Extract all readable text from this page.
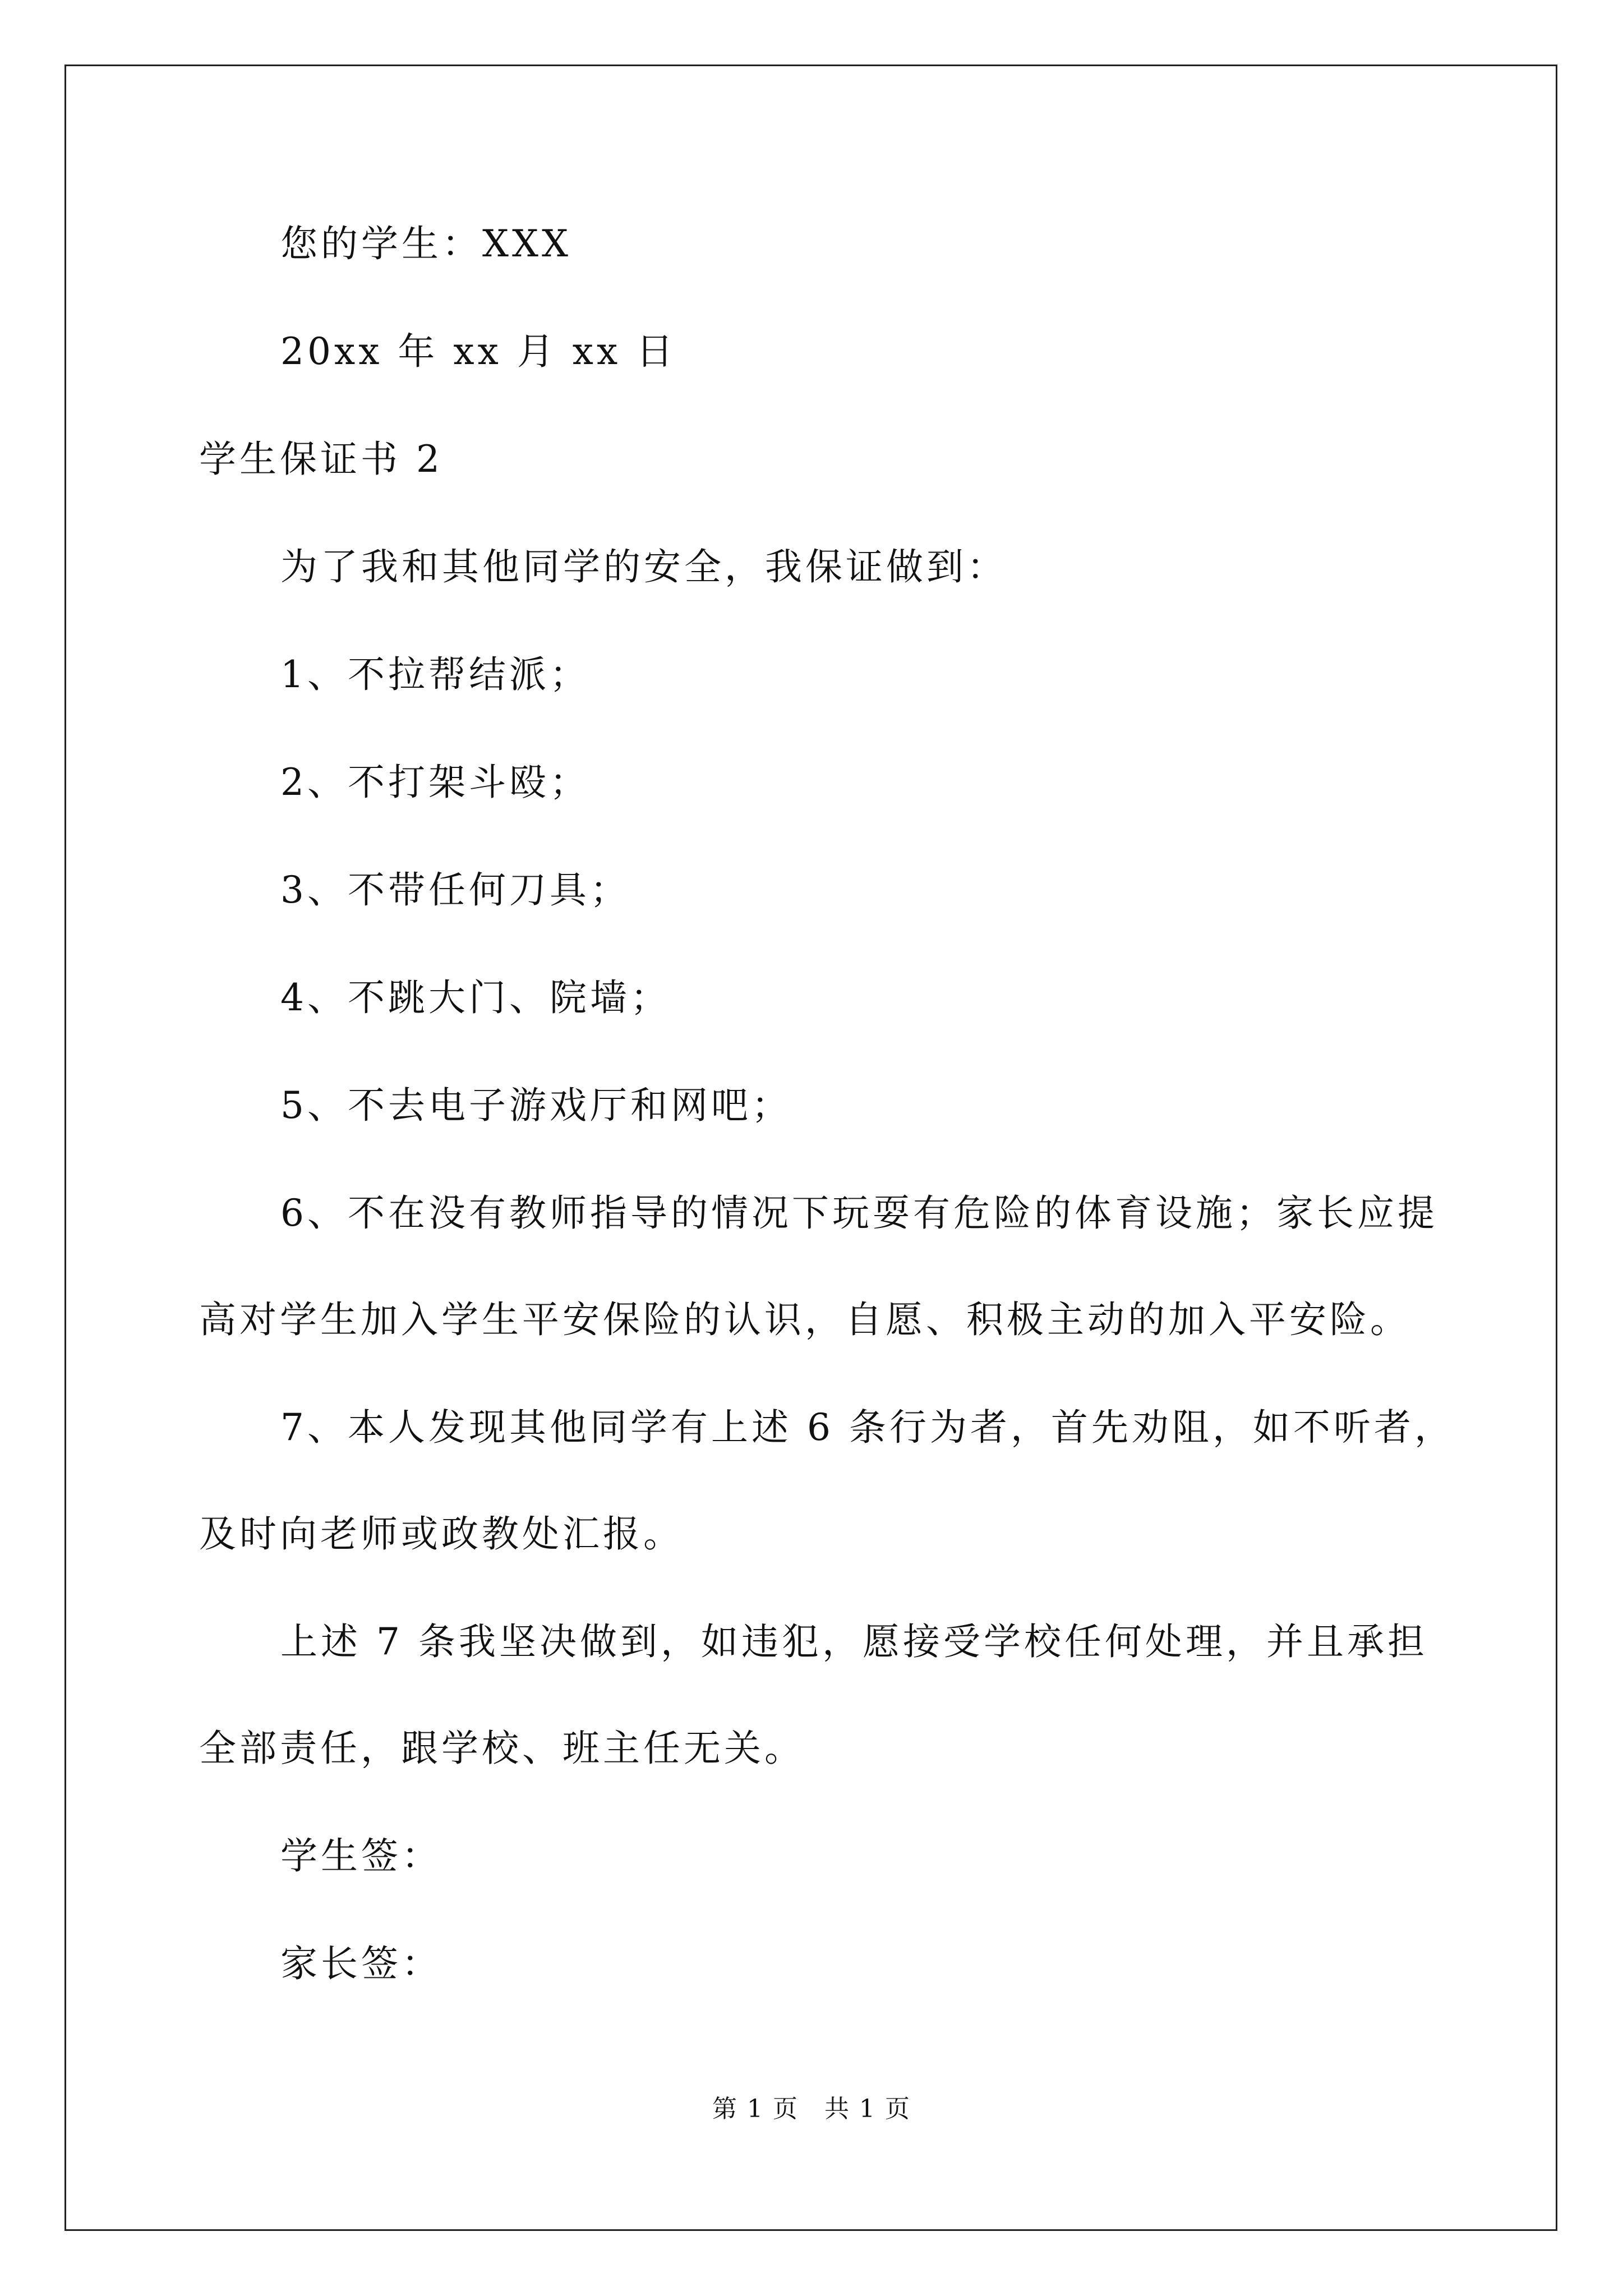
您的学生：XXX
20xx 年 xx 月 xx 日
学生保证书 2
为了我和其他同学的安全，我保证做到：
1、不拉帮结派；
2、不打架斗殴；
3、不带任何刀具；
4、不跳大门、院墙；
5、不去电子游戏厅和网吧；
6、不在没有教师指导的情况下玩耍有危险的体育设施；家长应提
高对学生加入学生平安保险的认识，自愿、积极主动的加入平安险。
7、本人发现其他同学有上述 6 条行为者，首先劝阻，如不听者，
及时向老师或政教处汇报。
上述 7 条我坚决做到，如违犯，愿接受学校任何处理，并且承担
全部责任，跟学校、班主任无关。
学生签：
家长签：
第 1 页　共 1 页
